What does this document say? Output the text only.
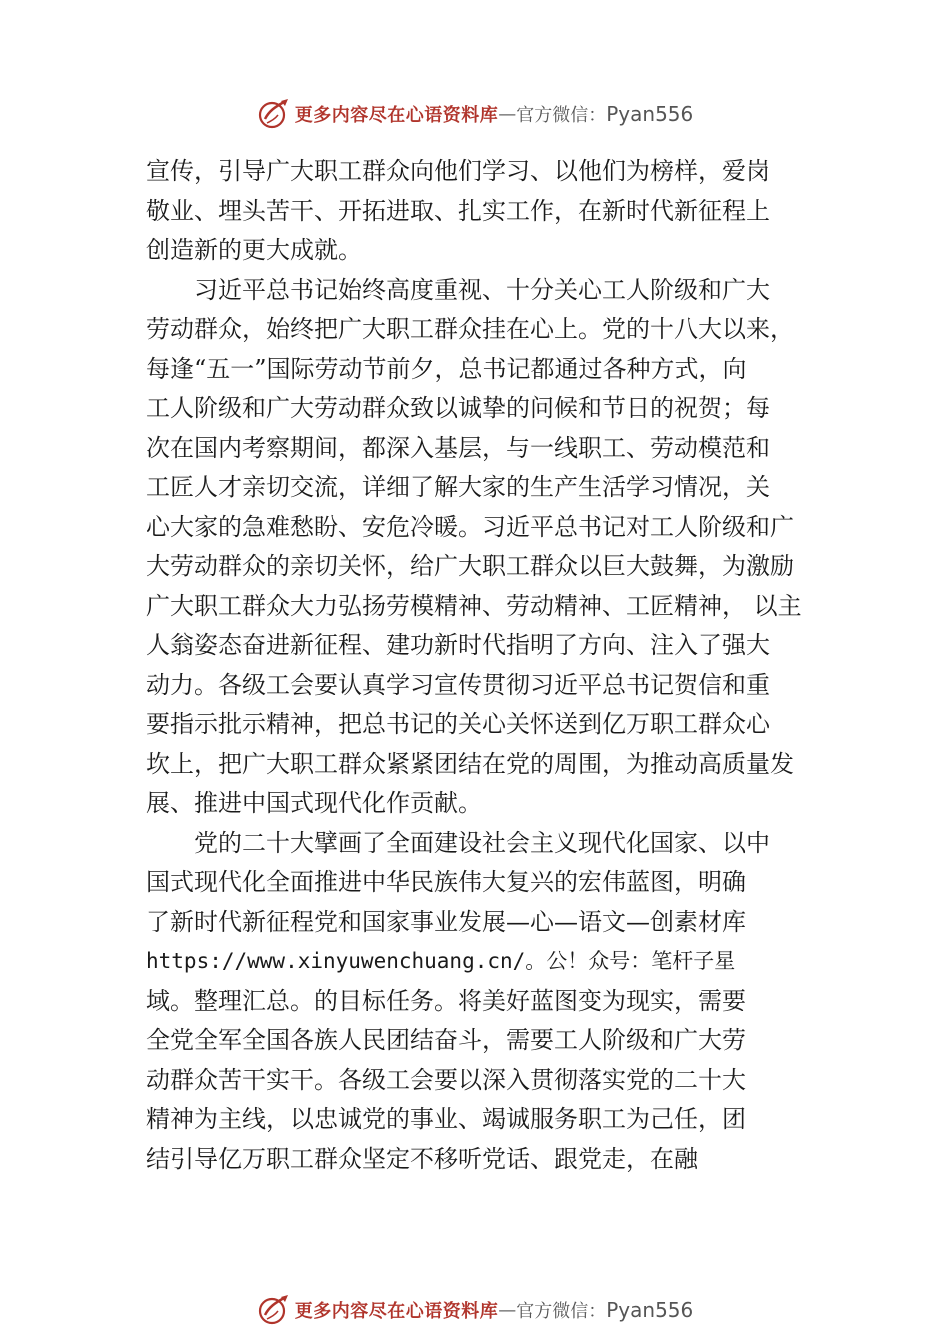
更多内容尽在心语资料库 — 官方微信： Pyan556
宣传，引导广大职工群众向他们学习、以他们为榜样，爱岗
敬业、埋头苦干、开拓进取、扎实工作，在新时代新征程上
创造新的更大成就。
习近平总书记始终高度重视、十分关心工人阶级和广大
劳动群众，始终把广大职工群众挂在心上。党的十八大以来，
每逢“五一”国际劳动节前夕，总书记都通过各种方式，向
工人阶级和广大劳动群众致以诚挚的问候和节日的祝贺；每
次在国内考察期间，都深入基层，与一线职工、劳动模范和
工匠人才亲切交流，详细了解大家的生产生活学习情况，关
心大家的急难愁盼、安危冷暖。习近平总书记对工人阶级和广
大劳动群众的亲切关怀，给广大职工群众以巨大鼓舞，为激励
广大职工群众大力弘扬劳模精神、劳动精神、工匠精神， 以主
人翁姿态奋进新征程、建功新时代指明了方向、注入了强大
动力。各级工会要认真学习宣传贯彻习近平总书记贺信和重
要指示批示精神，把总书记的关心关怀送到亿万职工群众心
坎上，把广大职工群众紧紧团结在党的周围，为推动高质量发
展、推进中国式现代化作贡献。
党的二十大擘画了全面建设社会主义现代化国家、以中
国式现代化全面推进中华民族伟大复兴的宏伟蓝图，明确
了新时代新征程党和国家事业发展—心—语文—创素材库
https://www.xinyuwenchuang.cn/。公！众号：笔杆子星
域。整理汇总。的目标任务。将美好蓝图变为现实，需要
全党全军全国各族人民团结奋斗，需要工人阶级和广大劳
动群众苦干实干。各级工会要以深入贯彻落实党的二十大
精神为主线，以忠诚党的事业、竭诚服务职工为己任，团
结引导亿万职工群众坚定不移听党话、跟党走，在融
更多内容尽在心语资料库 — 官方微信： Pyan556
